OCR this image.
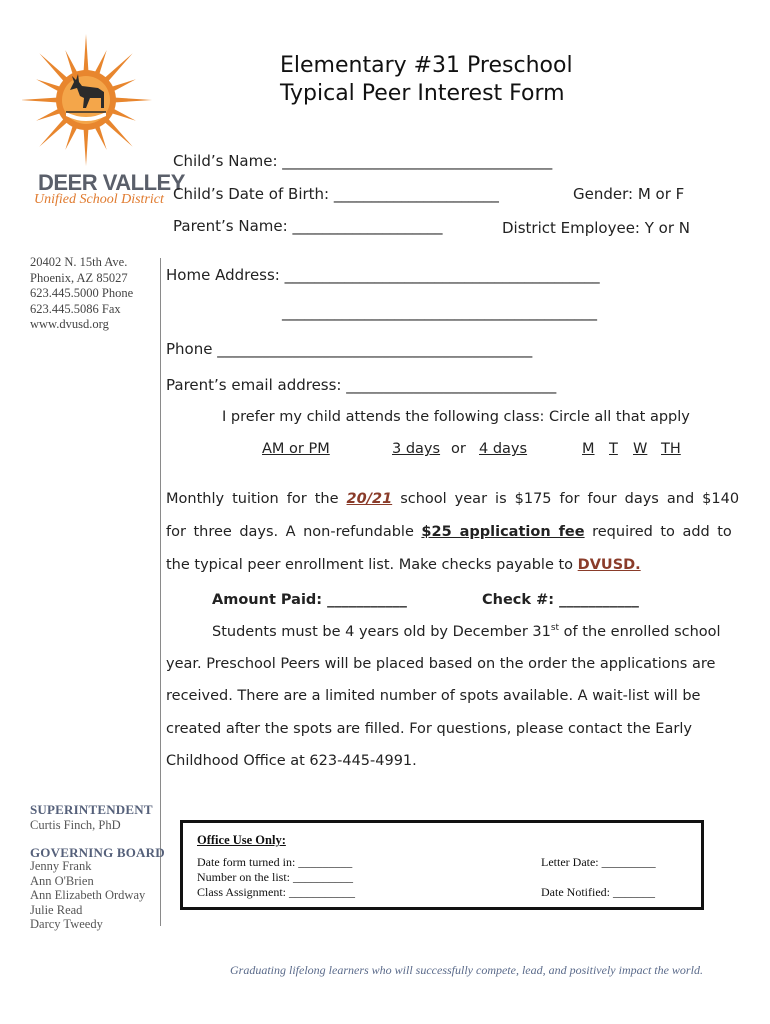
DEER VALLEY
Unified School District
20402 N. 15th Ave.
Phoenix, AZ 85027
623.445.5000 Phone
623.445.5086 Fax
www.dvusd.org
SUPERINTENDENT
Curtis Finch, PhD
GOVERNING BOARD
Jenny Frank
Ann O'Brien
Ann Elizabeth Ordway
Julie Read
Darcy Tweedy
Elementary #31 Preschool
Typical Peer Interest Form
Child’s Name: ____________________________________
Child’s Date of Birth: ______________________	Gender: M or F
Parent’s Name: ____________________	District Employee: Y or N
Home Address: __________________________________________
__________________________________________
Phone __________________________________________
Parent’s email address: ____________________________
I prefer my child attends the following class: Circle all that apply
AM or PM	3 days or 4 days	M T W TH
Monthly tuition for the 20/21 school year is $175 for four days and $140
for three days. A non-refundable $25 application fee required to add to
the typical peer enrollment list. Make checks payable to DVUSD.
Amount Paid: ___________	Check #: ___________
Students must be 4 years old by December 31st of the enrolled school
year. Preschool Peers will be placed based on the order the applications are
received. There are a limited number of spots available. A wait-list will be
created after the spots are filled. For questions, please contact the Early
Childhood Office at 623-445-4991.
Office Use Only:
Date form turned in: _________
Number on the list: __________
Class Assignment: ___________
Letter Date: _________
Date Notified: _______
Graduating lifelong learners who will successfully compete, lead, and positively impact the world.
